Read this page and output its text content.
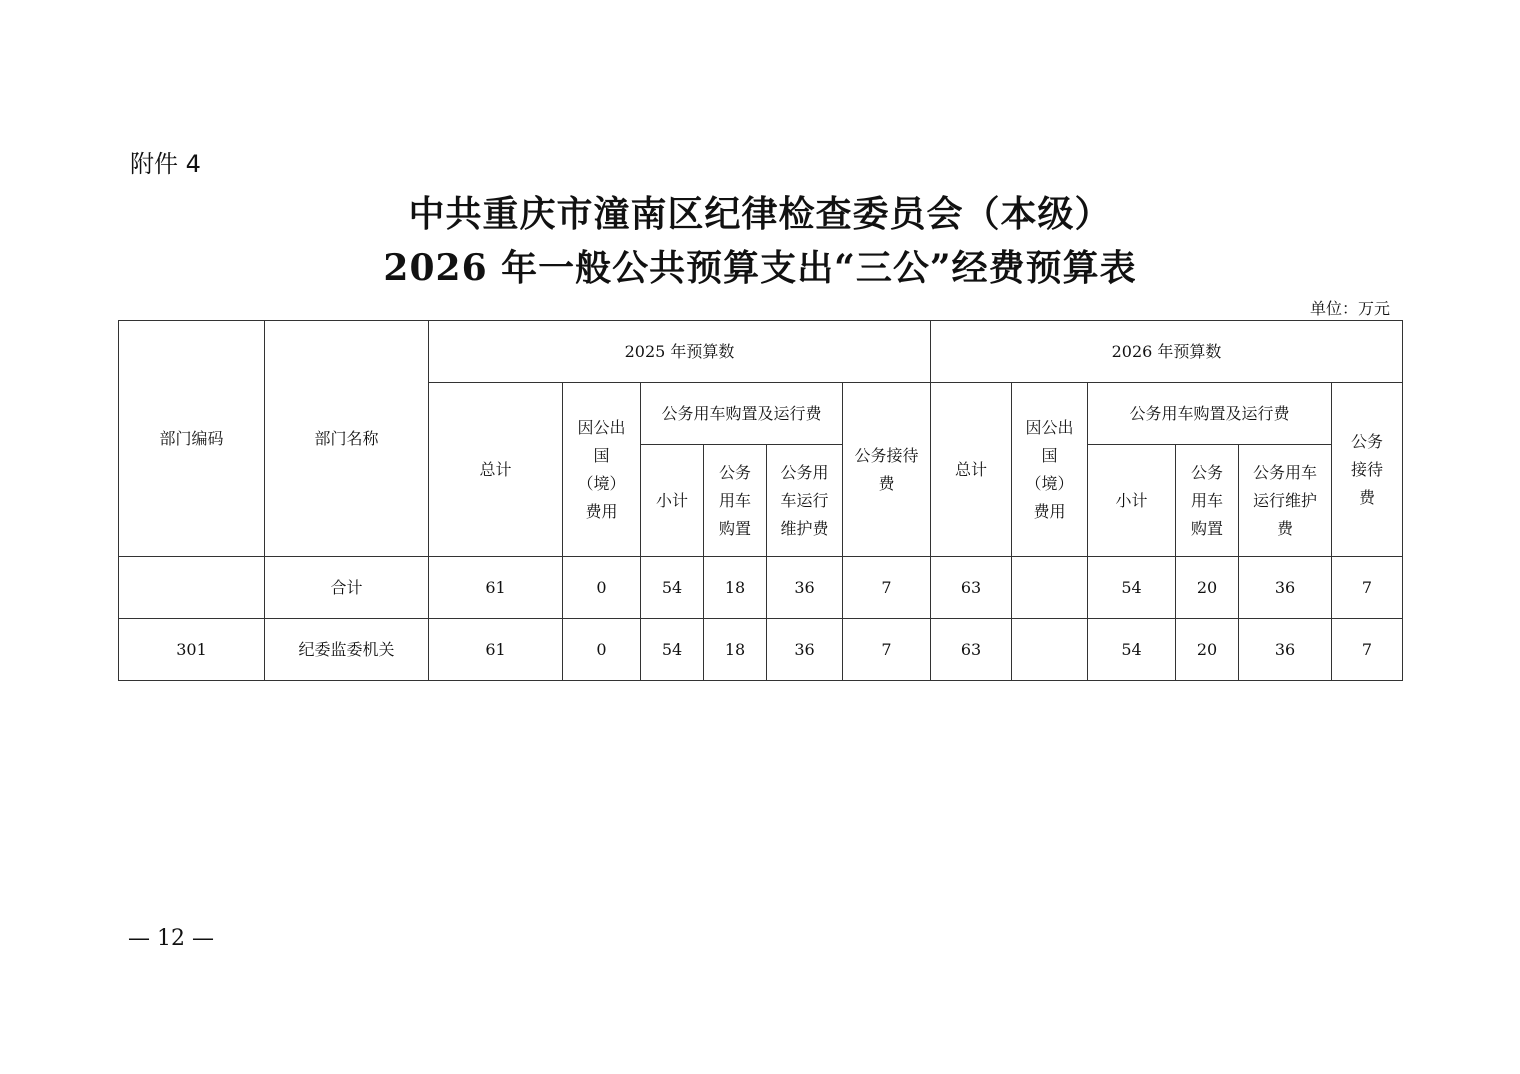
附件 4
中共重庆市潼南区纪律检查委员会（本级）
2026 年一般公共预算支出“三公”经费预算表
单位：万元
部门编码	部门名称	2025 年预算数						2026 年预算数					
		总计	因公出国（境）费用	公务用车购置及运行费			公务接待费	总计	因公出国（境）费用	公务用车购置及运行费			公务接待费

				小计	公务用车购置	公务用车运行维护费				小计	公务用车购置	公务用车运行维护费	

	合计	61	0	54	18	36	7	63		54	20	36	7
301	纪委监委机关	61	0	54	18	36	7	63		54	20	36	7
— 12 —
